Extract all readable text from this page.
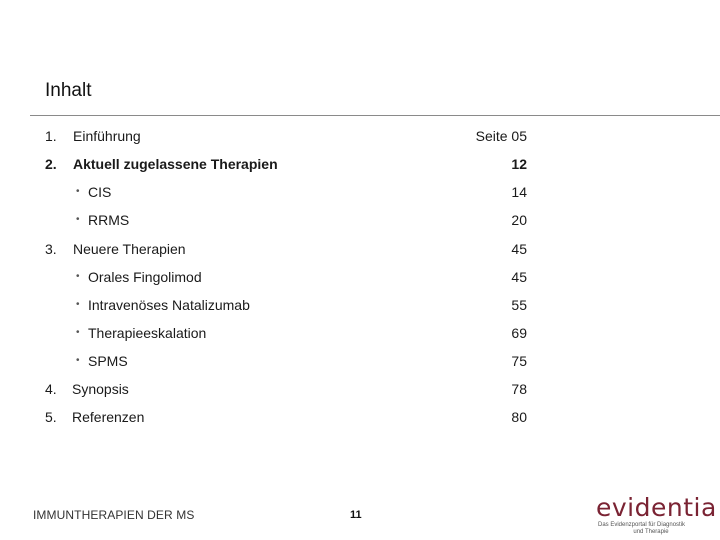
Inhalt
1. Einführung	Seite 05
2. Aktuell zugelassene Therapien	12
• CIS	14
• RRMS	20
3. Neuere Therapien	45
• Orales Fingolimod	45
• Intravenöses Natalizumab	55
• Therapieeskalation	69
• SPMS	75
4. Synopsis	78
5. Referenzen	80
IMMUNTHERAPIEN DER MS	11	evidentia
Das Evidenzportal für Diagnostik
und Therapie
